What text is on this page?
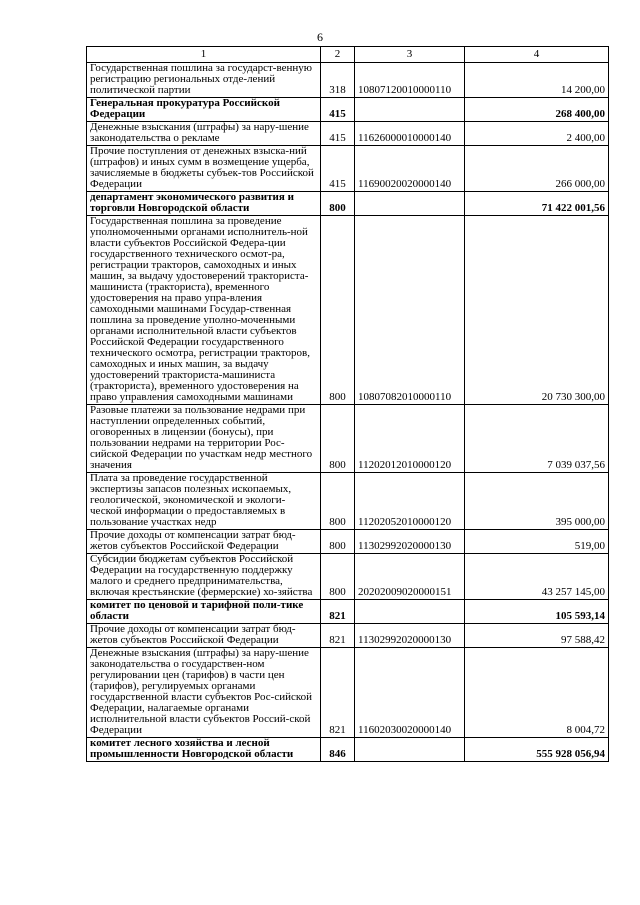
6
1	2	3	4
Государственная пошлина за государст-венную регистрацию региональных отде-лений политической партии	318	10807120010000110	14 200,00
Генеральная прокуратура Российской Федерации	415		268 400,00
Денежные взыскания (штрафы) за нару-шение законодательства о рекламе	415	11626000010000140	2 400,00
Прочие поступления от денежных взыска-ний (штрафов) и иных сумм в возмещение ущерба, зачисляемые в бюджеты субъек-тов Российской Федерации	415	11690020020000140	266 000,00
департамент экономического развития и торговли Новгородской области	800		71 422 001,56
Государственная пошлина за проведение уполномоченными органами исполнитель-ной власти субъектов Российской Федера-ции государственного технического осмот-ра, регистрации тракторов, самоходных и иных машин, за выдачу удостоверений тракториста-машиниста (тракториста), временного удостоверения на право упра-вления самоходными машинами Государ-ственная пошлина за проведение уполно-моченными органами исполнительной власти субъектов Российской Федерации государственного технического осмотра, регистрации тракторов, самоходных и иных машин, за выдачу удостоверений тракториста-машиниста (тракториста), временного удостоверения на право управления самоходными машинами	800	10807082010000110	20 730 300,00
Разовые платежи за пользование недрами при наступлении определенных событий, оговоренных в лицензии (бонусы), при пользовании недрами на территории Рос-сийской Федерации по участкам недр местного значения	800	11202012010000120	7 039 037,56
Плата за проведение государственной экспертизы запасов полезных ископаемых, геологической, экономической и экологи-ческой информации о предоставляемых в пользование участках недр	800	11202052010000120	395 000,00
Прочие доходы от компенсации затрат бюд-жетов субъектов Российской Федерации	800	11302992020000130	519,00
Субсидии бюджетам субъектов Российской Федерации на государственную поддержку малого и среднего предпринимательства, включая крестьянские (фермерские) хо-зяйства	800	20202009020000151	43 257 145,00
комитет по ценовой и тарифной поли-тике области	821		105 593,14
Прочие доходы от компенсации затрат бюд-жетов субъектов Российской Федерации	821	11302992020000130	97 588,42
Денежные взыскания (штрафы) за нару-шение законодательства о государствен-ном регулировании цен (тарифов) в части цен (тарифов), регулируемых органами государственной власти субъектов Рос-сийской Федерации, налагаемые органами исполнительной власти субъектов Россий-ской Федерации	821	11602030020000140	8 004,72
комитет лесного хозяйства и лесной промышленности Новгородской области	846		555 928 056,94
